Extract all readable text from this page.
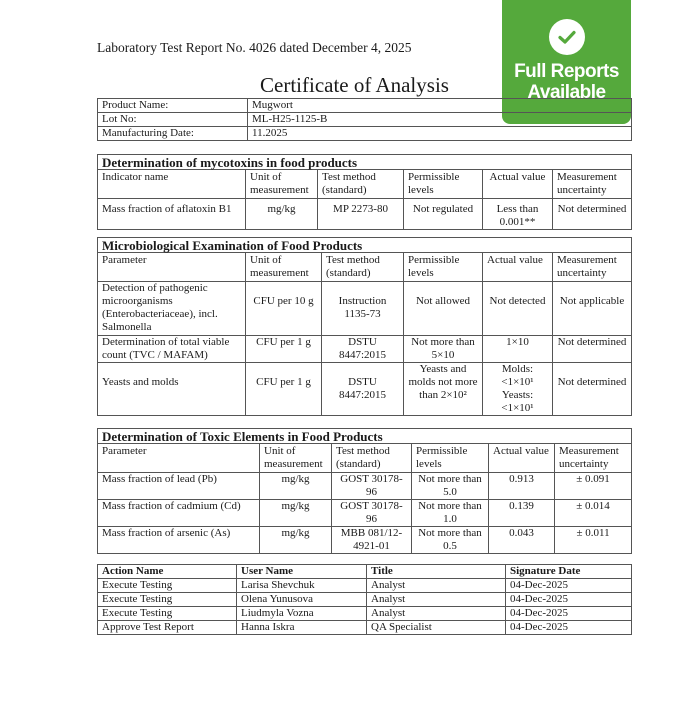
Laboratory Test Report No. 4026 dated December 4, 2025
Certificate of Analysis
Full Reports
Available
Product Name:	Mugwort
Lot No:	ML-H25-1125-B
Manufacturing Date:	11.2025
Determination of mycotoxins in food products					
Indicator name	Unit of measurement	Test method (standard)	Permissible levels	Actual value	Measurement uncertainty
Mass fraction of aflatoxin B1	mg/kg	MP 2273-80	Not regulated	Less than 0.001**	Not determined
Microbiological Examination of Food Products					
Parameter	Unit of measurement	Test method (standard)	Permissible levels	Actual value	Measurement uncertainty
Detection of pathogenic microorganisms (Enterobacteriaceae), incl. Salmonella	CFU per 10 g	Instruction 1135-73	Not allowed	Not detected	Not applicable
Determination of total viable count (TVC / MAFAM)	CFU per 1 g	DSTU 8447:2015	Not more than 5×10	1×10	Not determined
Yeasts and molds	CFU per 1 g	DSTU 8447:2015	Yeasts and molds not more than 2×10²	Molds: <1×10¹ Yeasts: <1×10¹	Not determined
Determination of Toxic Elements in Food Products					
Parameter	Unit of measurement	Test method (standard)	Permissible levels	Actual value	Measurement uncertainty
Mass fraction of lead (Pb)	mg/kg	GOST 30178-96	Not more than 5.0	0.913	± 0.091
Mass fraction of cadmium (Cd)	mg/kg	GOST 30178-96	Not more than 1.0	0.139	± 0.014
Mass fraction of arsenic (As)	mg/kg	MBB 081/12-4921-01	Not more than 0.5	0.043	± 0.011
Action Name	User Name	Title	Signature Date
Execute Testing	Larisa Shevchuk	Analyst	04-Dec-2025
Execute Testing	Olena Yunusova	Analyst	04-Dec-2025
Execute Testing	Liudmyla Vozna	Analyst	04-Dec-2025
Approve Test Report	Hanna Iskra	QA Specialist	04-Dec-2025
